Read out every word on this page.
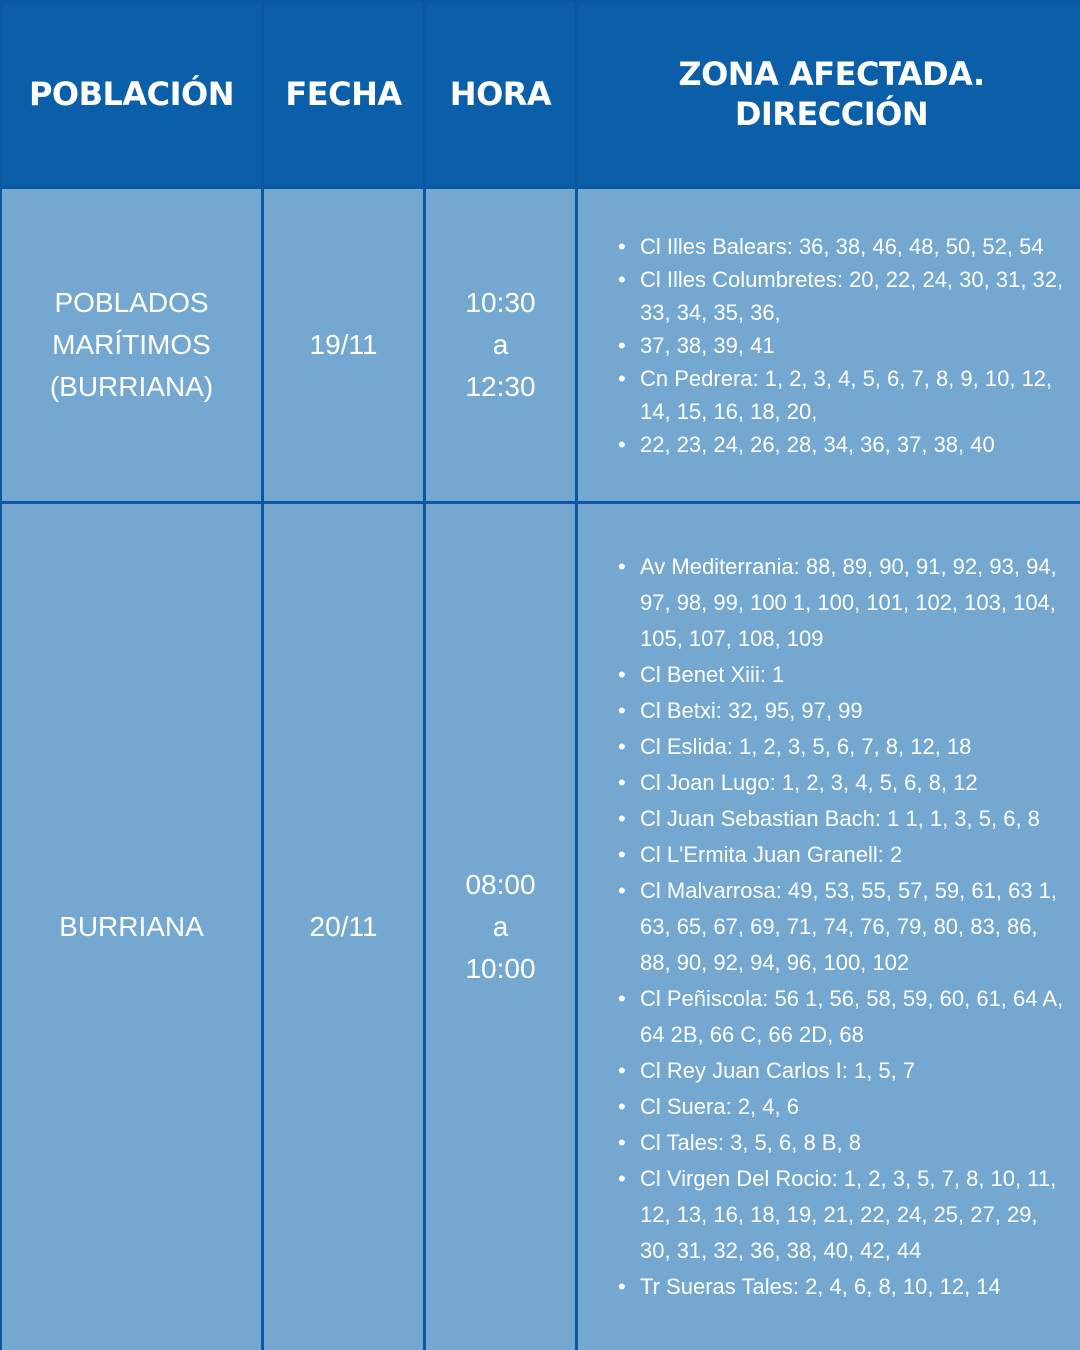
POBLACIÓN FECHA HORA
ZONA AFECTADA.
DIRECCIÓN
POBLADOS
MARÍTIMOS
(BURRIANA)
19/11
10:30
a
12:30
• Cl Illes Balears: 36, 38, 46, 48, 50, 52, 54
• Cl Illes Columbretes: 20, 22, 24, 30, 31, 32, 33, 34, 35, 36,
• 37, 38, 39, 41
• Cn Pedrera: 1, 2, 3, 4, 5, 6, 7, 8, 9, 10, 12, 14, 15, 16, 18, 20,
• 22, 23, 24, 26, 28, 34, 36, 37, 38, 40
BURRIANA	20/11
08:00
a
10:00
• Av Mediterrania: 88, 89, 90, 91, 92, 93, 94, 97, 98, 99, 100 1, 100, 101, 102, 103, 104, 105, 107, 108, 109
• Cl Benet Xiii: 1
• Cl Betxi: 32, 95, 97, 99
• Cl Eslida: 1, 2, 3, 5, 6, 7, 8, 12, 18
• Cl Joan Lugo: 1, 2, 3, 4, 5, 6, 8, 12
• Cl Juan Sebastian Bach: 1 1, 1, 3, 5, 6, 8
• Cl L'Ermita Juan Granell: 2
• Cl Malvarrosa: 49, 53, 55, 57, 59, 61, 63 1, 63, 65, 67, 69, 71, 74, 76, 79, 80, 83, 86, 88, 90, 92, 94, 96, 100, 102
• Cl Peñiscola: 56 1, 56, 58, 59, 60, 61, 64 A, 64 2B, 66 C, 66 2D, 68
• Cl Rey Juan Carlos I: 1, 5, 7
• Cl Suera: 2, 4, 6
• Cl Tales: 3, 5, 6, 8 B, 8
• Cl Virgen Del Rocio: 1, 2, 3, 5, 7, 8, 10, 11, 12, 13, 16, 18, 19, 21, 22, 24, 25, 27, 29, 30, 31, 32, 36, 38, 40, 42, 44
• Tr Sueras Tales: 2, 4, 6, 8, 10, 12, 14
